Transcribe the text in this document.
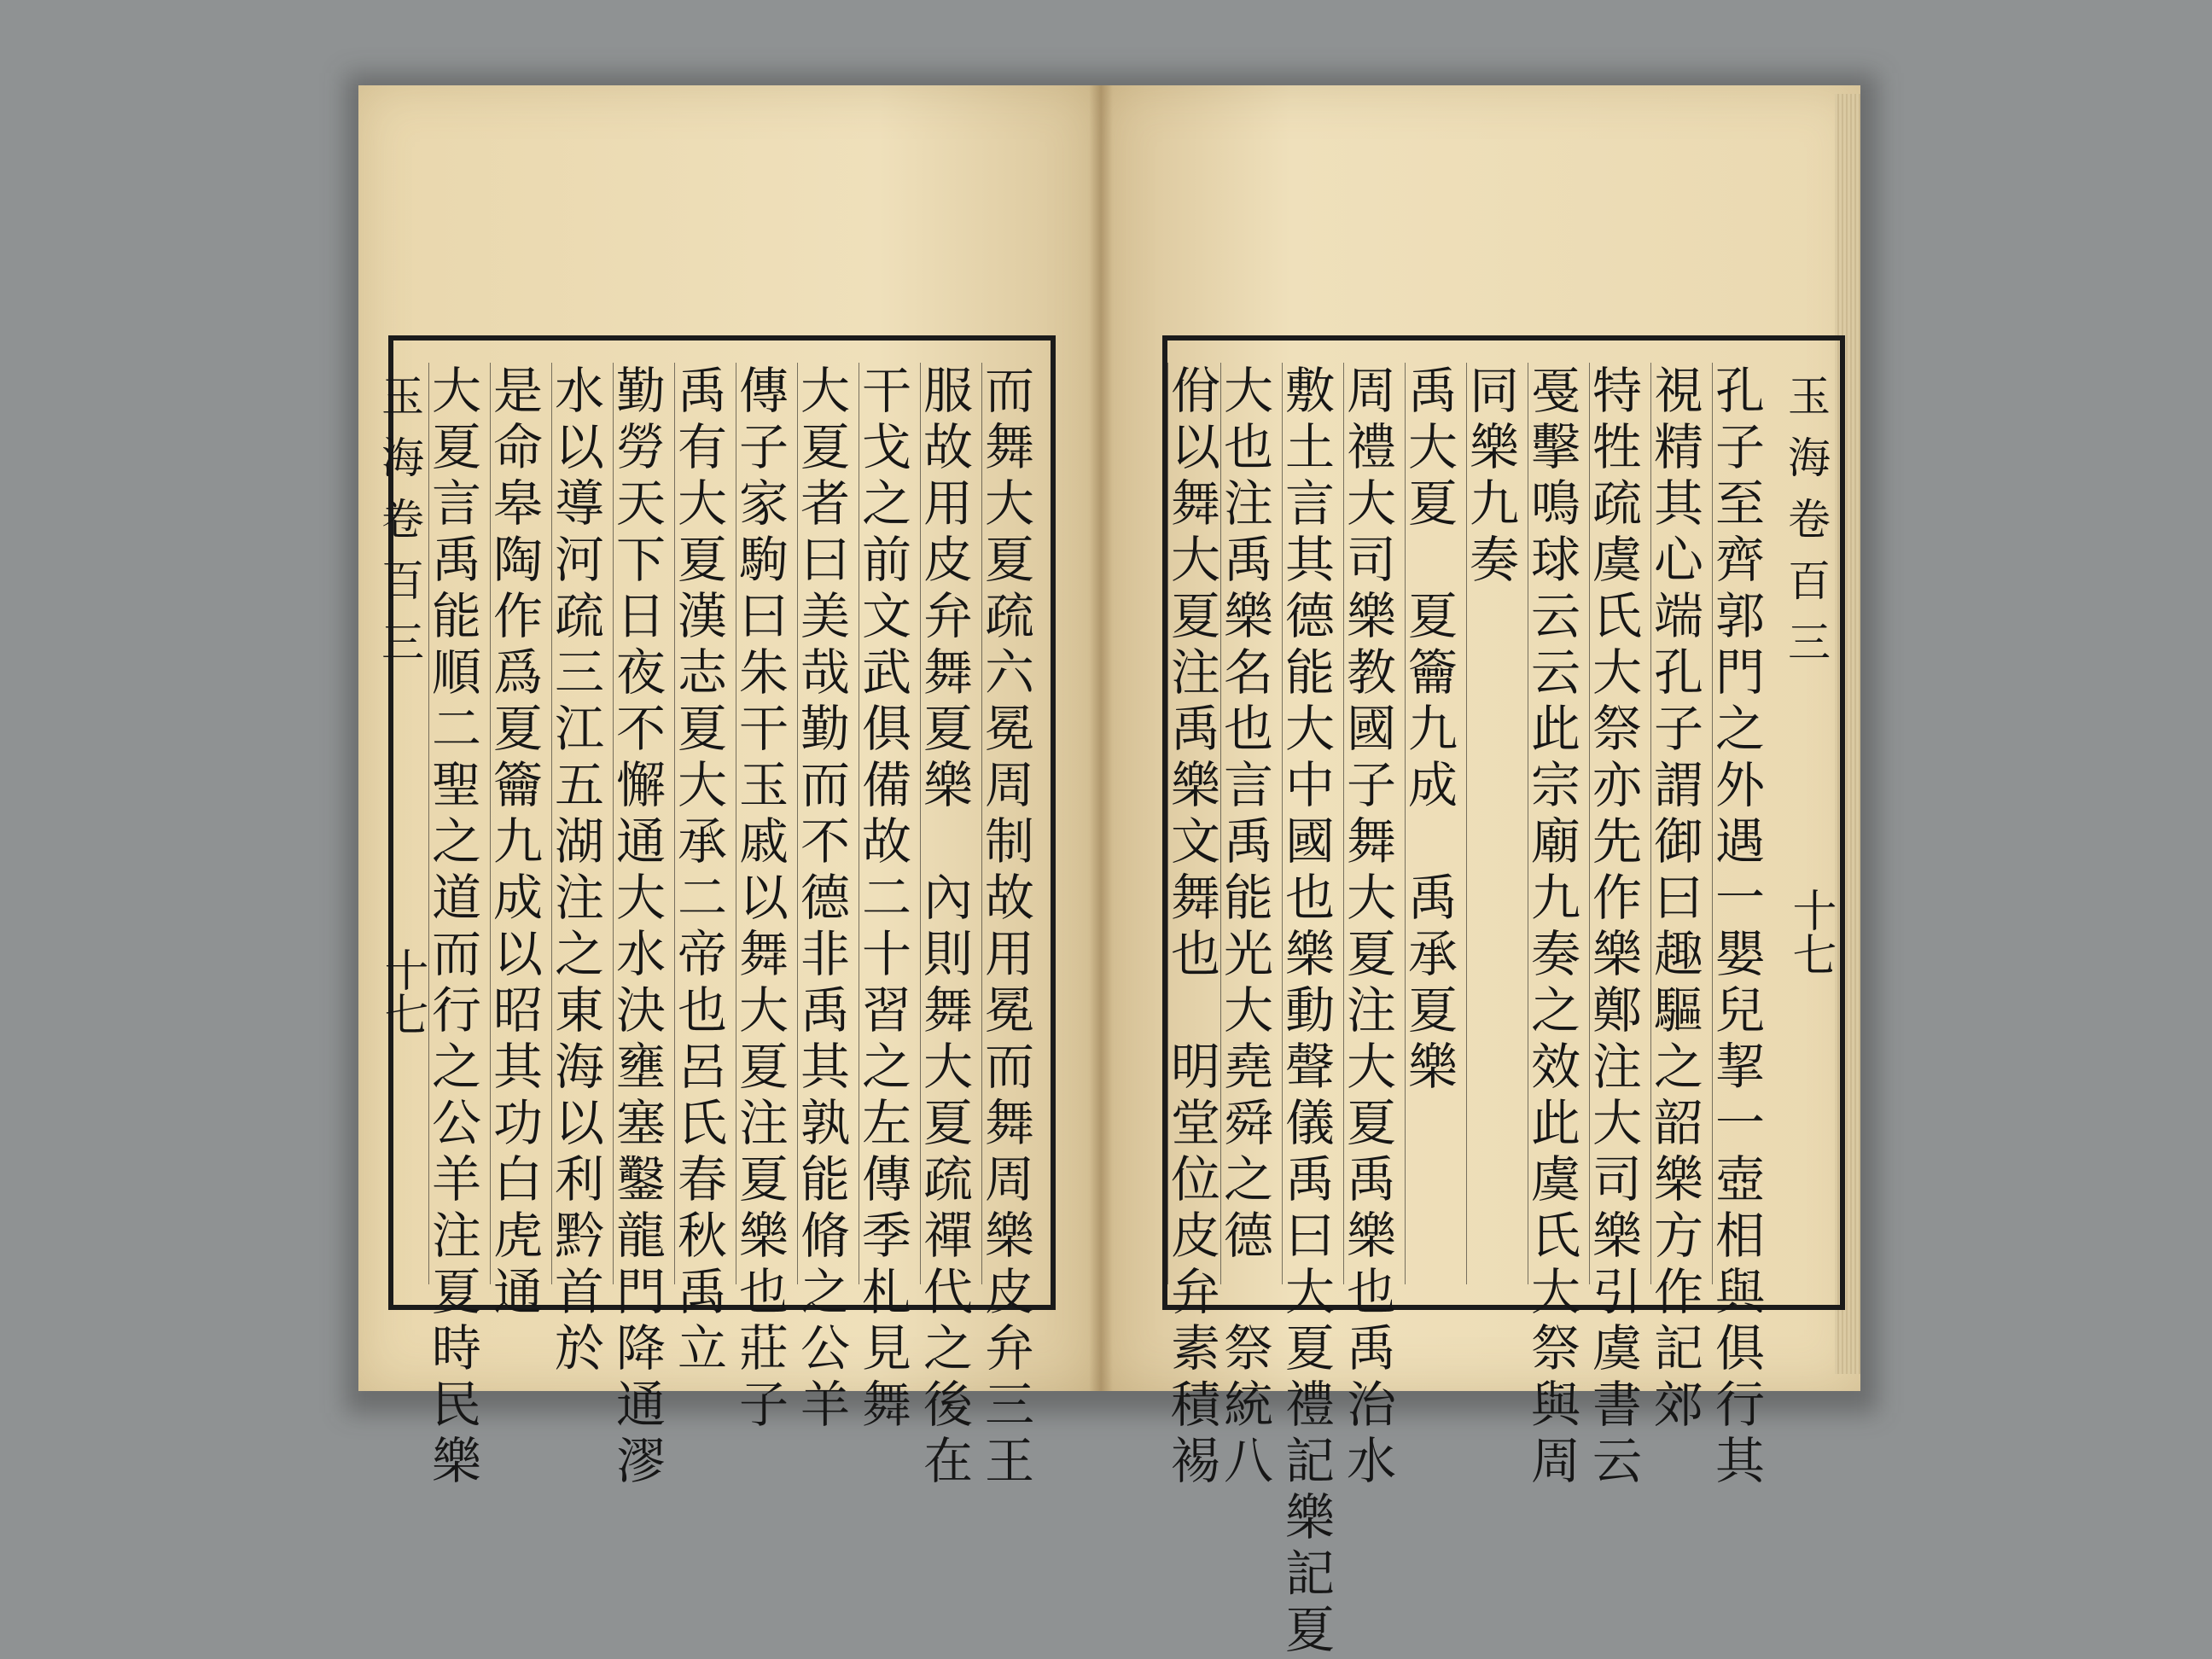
玉
海
卷
百
三
十七
孔
子
至
齊
郭
門
之
外
遇
一
嬰
兒
挈
一
壺
相
與
俱
行
其
視
精
其
心
端
孔
子
謂
御
曰
趣
驅
之
韶
樂
方
作
記
郊
特
牲
疏
虞
氏
大
祭
亦
先
作
樂
鄭
注
大
司
樂
引
虞
書
云
戞
擊
鳴
球
云
云
此
宗
廟
九
奏
之
效
此
虞
氏
大
祭
與
周
同
樂
九
奏
禹
大
夏

夏
籥
九
成

禹
承
夏
樂
周
禮
大
司
樂
教
國
子
舞
大
夏
注
大
夏
禹
樂
也
禹
治
水
敷
土
言
其
德
能
大
中
國
也
樂
動
聲
儀
禹
曰
大
夏
禮
記
樂
記
夏
大
也
注
禹
樂
名
也
言
禹
能
光
大
堯
舜
之
德

祭
統
八
佾
以
舞
大
夏
注
禹
樂
文
舞
也

明
堂
位
皮
弁
素
積
裼
而
舞
大
夏
疏
六
冕
周
制
故
用
冕
而
舞
周
樂
皮
弁
三
王
服
故
用
皮
弁
舞
夏
樂

內
則
舞
大
夏
疏
禪
代
之
後
在
干
戈
之
前
文
武
俱
備
故
二
十
習
之
左
傳
季
札
見
舞
大
夏
者
曰
美
哉
勤
而
不
德
非
禹
其
孰
能
脩
之
公
羊
傳
子
家
駒
曰
朱
干
玉
戚
以
舞
大
夏
注
夏
樂
也
莊
子
禹
有
大
夏
漢
志
夏
大
承
二
帝
也
呂
氏
春
秋
禹
立
勤
勞
天
下
日
夜
不
懈
通
大
水
決
壅
塞
鑿
龍
門
降
通
漻
水
以
導
河
疏
三
江
五
湖
注
之
東
海
以
利
黔
首
於
是
命
皋
陶
作
爲
夏
籥
九
成
以
昭
其
功
白
虎
通
大
夏
言
禹
能
順
二
聖
之
道
而
行
之
公
羊
注
夏
時
民
樂
玉
海
卷
百
三
十七
